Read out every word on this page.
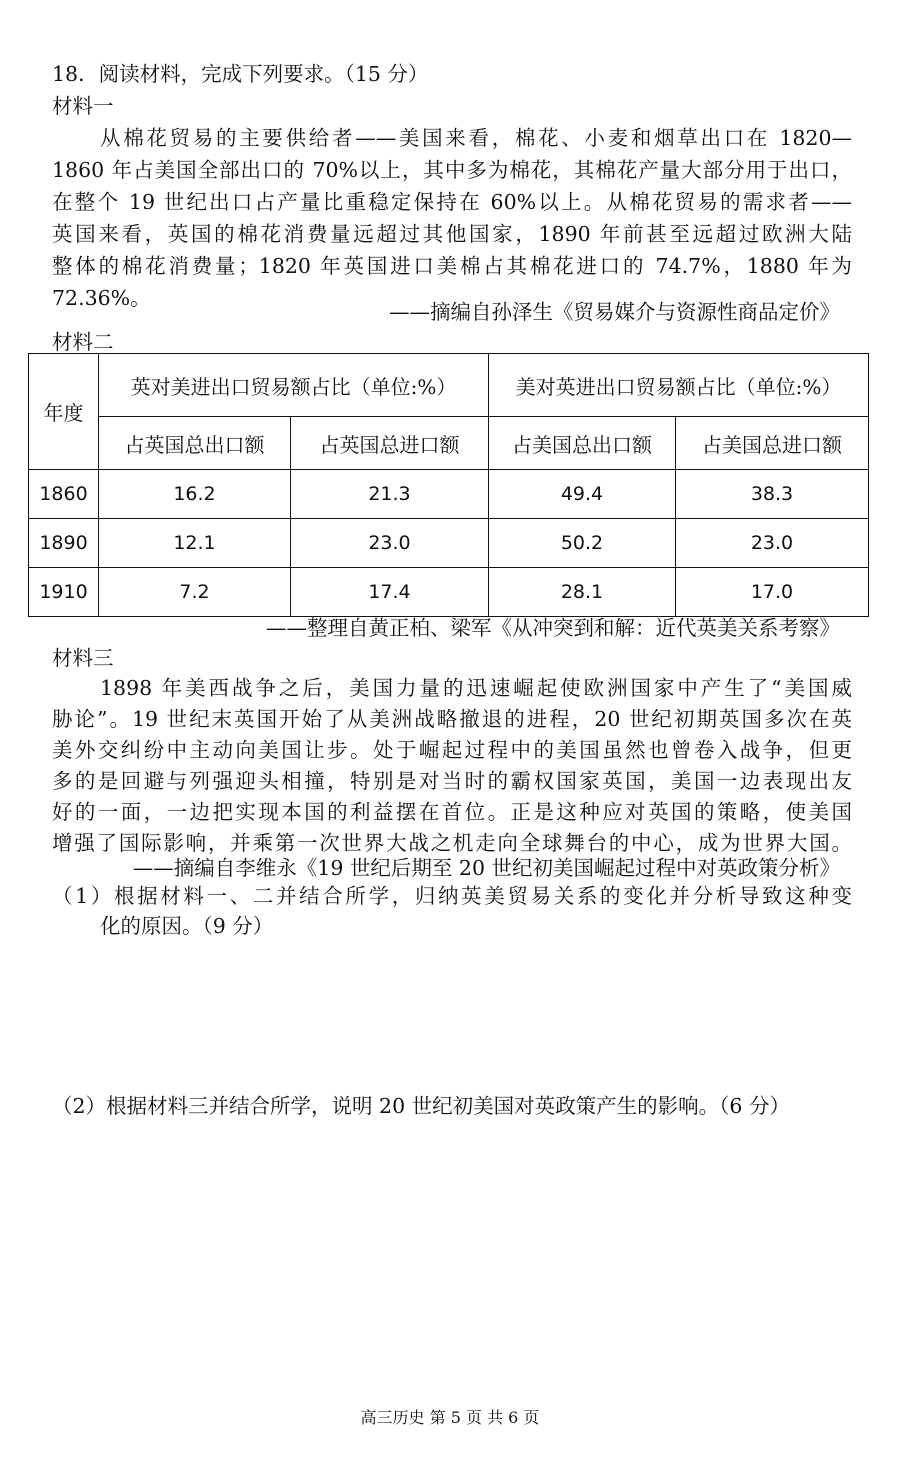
18．阅读材料，完成下列要求。（15 分）
材料一
从棉花贸易的主要供给者——美国来看，棉花、小麦和烟草出口在 1820—
1860 年占美国全部出口的 70%以上，其中多为棉花，其棉花产量大部分用于出口，
在整个 19 世纪出口占产量比重稳定保持在 60%以上。从棉花贸易的需求者——
英国来看，英国的棉花消费量远超过其他国家，1890 年前甚至远超过欧洲大陆
整体的棉花消费量；1820 年英国进口美棉占其棉花进口的 74.7%，1880 年为
72.36%。
——摘编自孙泽生《贸易媒介与资源性商品定价》
材料二
年度	英对美进出口贸易额占比（单位:%）		美对英进出口贸易额占比（单位:%）	
	占英国总出口额	占英国总进口额	占美国总出口额	占美国总进口额
1860	16.2	21.3	49.4	38.3
1890	12.1	23.0	50.2	23.0
1910	7.2	17.4	28.1	17.0
——整理自黄正柏、梁军《从冲突到和解：近代英美关系考察》
材料三
1898 年美西战争之后，美国力量的迅速崛起使欧洲国家中产生了“美国威
胁论”。19 世纪末英国开始了从美洲战略撤退的进程，20 世纪初期英国多次在英
美外交纠纷中主动向美国让步。处于崛起过程中的美国虽然也曾卷入战争，但更
多的是回避与列强迎头相撞，特别是对当时的霸权国家英国，美国一边表现出友
好的一面，一边把实现本国的利益摆在首位。正是这种应对英国的策略，使美国
增强了国际影响，并乘第一次世界大战之机走向全球舞台的中心，成为世界大国。
——摘编自李维永《19 世纪后期至 20 世纪初美国崛起过程中对英政策分析》
（1）根据材料一、二并结合所学，归纳英美贸易关系的变化并分析导致这种变
化的原因。（9 分）
（2）根据材料三并结合所学，说明 20 世纪初美国对英政策产生的影响。（6 分）
高三历史 第 5 页 共 6 页
